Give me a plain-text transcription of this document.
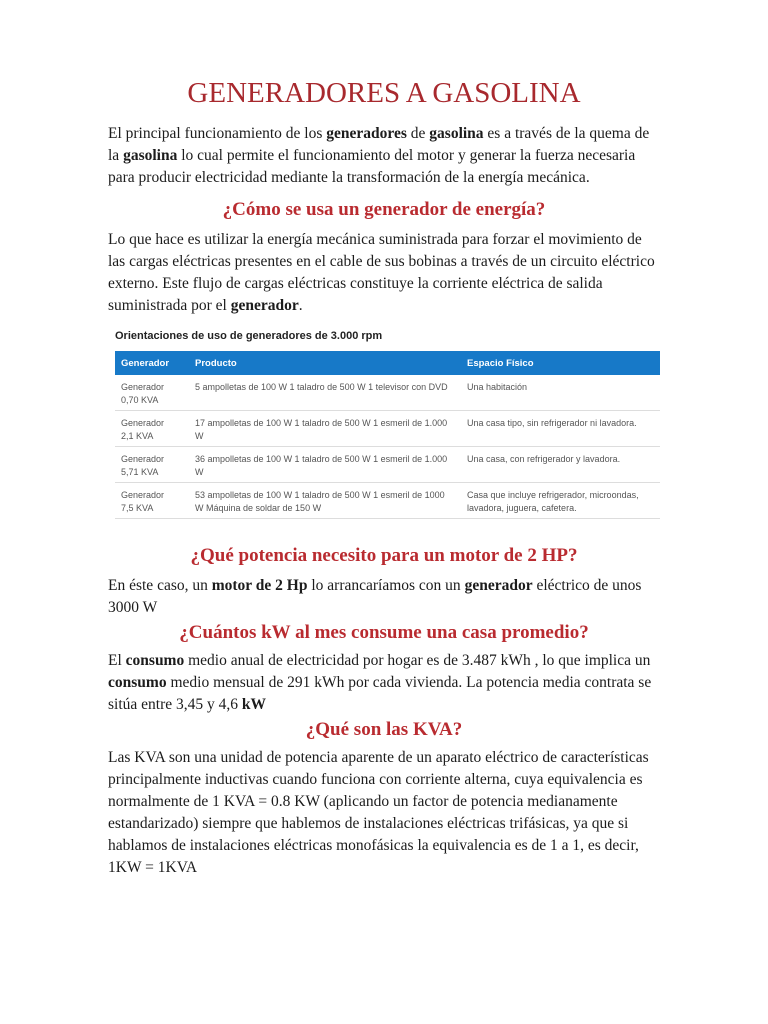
GENERADORES A GASOLINA

El principal funcionamiento de los generadores de gasolina es a través de la quema de la gasolina lo cual permite el funcionamiento del motor y generar la fuerza necesaria para producir electricidad mediante la transformación de la energía mecánica.

¿Cómo se usa un generador de energía?

Lo que hace es utilizar la energía mecánica suministrada para forzar el movimiento de las cargas eléctricas presentes en el cable de sus bobinas a través de un circuito eléctrico externo. Este flujo de cargas eléctricas constituye la corriente eléctrica de salida suministrada por el generador.

Orientaciones de uso de generadores de 3.000 rpm
Generador	Producto	Espacio Físico
Generador 0,70 KVA	5 ampolletas de 100 W 1 taladro de 500 W 1 televisor con DVD	Una habitación
Generador 2,1 KVA	17 ampolletas de 100 W 1 taladro de 500 W 1 esmeril de 1.000 W	Una casa tipo, sin refrigerador ni lavadora.
Generador 5,71 KVA	36 ampolletas de 100 W 1 taladro de 500 W 1 esmeril de 1.000 W	Una casa, con refrigerador y lavadora.
Generador 7,5 KVA	53 ampolletas de 100 W 1 taladro de 500 W 1 esmeril de 1000 W Máquina de soldar de 150 W	Casa que incluye refrigerador, microondas, lavadora, juguera, cafetera.
¿Qué potencia necesito para un motor de 2 HP?

En éste caso, un motor de 2 Hp lo arrancaríamos con un generador eléctrico de unos 3000 W

¿Cuántos kW al mes consume una casa promedio?

El consumo medio anual de electricidad por hogar es de 3.487 kWh , lo que implica un consumo medio mensual de 291 kWh por cada vivienda. La potencia media contrata se sitúa entre 3,45 y 4,6 kW

¿Qué son las KVA?

Las KVA son una unidad de potencia aparente de un aparato eléctrico de características principalmente inductivas cuando funciona con corriente alterna, cuya equivalencia es normalmente de 1 KVA = 0.8 KW (aplicando un factor de potencia medianamente estandarizado) siempre que hablemos de instalaciones eléctricas trifásicas, ya que si hablamos de instalaciones eléctricas monofásicas la equivalencia es de 1 a 1, es decir, 1KW = 1KVA
